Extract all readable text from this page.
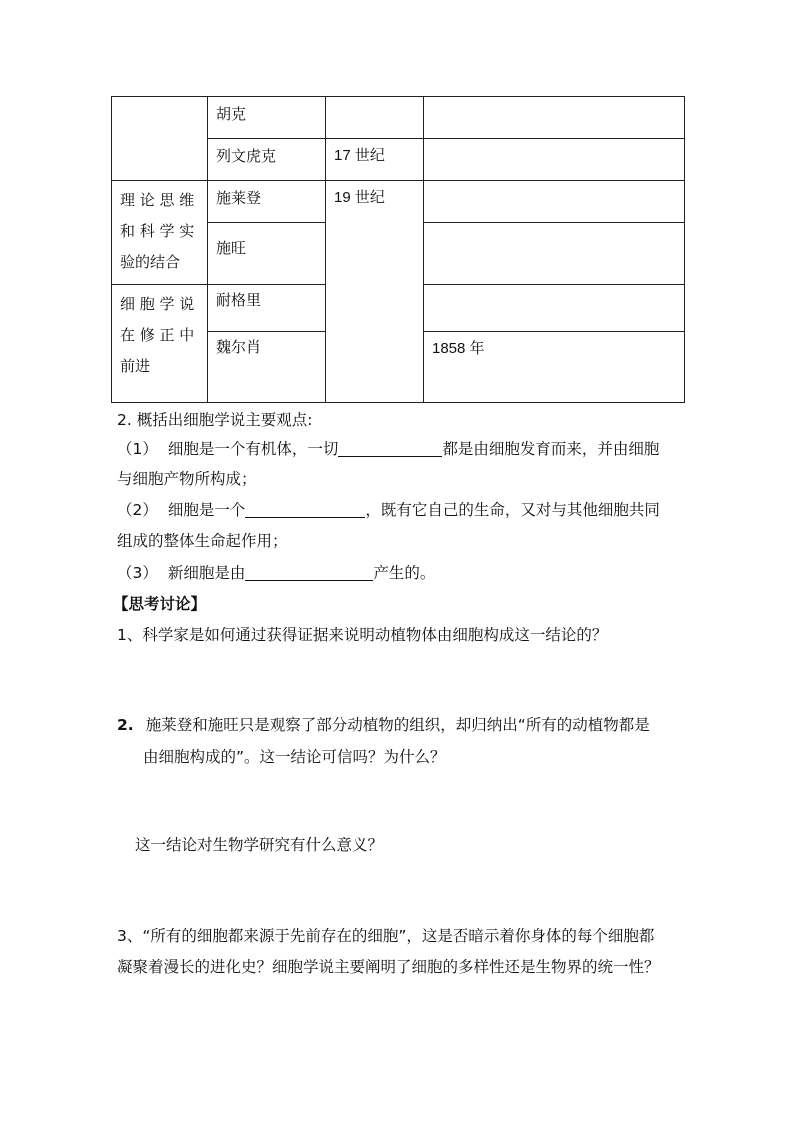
	胡克			
	列文虎克	17 世纪		

理 论 思 维
和 科 学 实
验的结合	施莱登	19 世纪		
	施旺			

细 胞 学 说
在 修 正 中
前进	耐格里			
	魏尔肖		1858 年	
2. 概括出细胞学说主要观点:
（1） 细胞是一个有机体，一切	都是由细胞发育而来，并由细胞
与细胞产物所构成；
（2） 细胞是一个	，既有它自己的生命，又对与其他细胞共同
组成的整体生命起作用；
（3） 新细胞是由	产生的。
【思考讨论】
1、科学家是如何通过获得证据来说明动植物体由细胞构成这一结论的？
2. 施莱登和施旺只是观察了部分动植物的组织，却归纳出“所有的动植物都是
由细胞构成的”。这一结论可信吗？为什么？
这一结论对生物学研究有什么意义？
3、“所有的细胞都来源于先前存在的细胞”，这是否暗示着你身体的每个细胞都
凝聚着漫长的进化史？细胞学说主要阐明了细胞的多样性还是生物界的统一性？
